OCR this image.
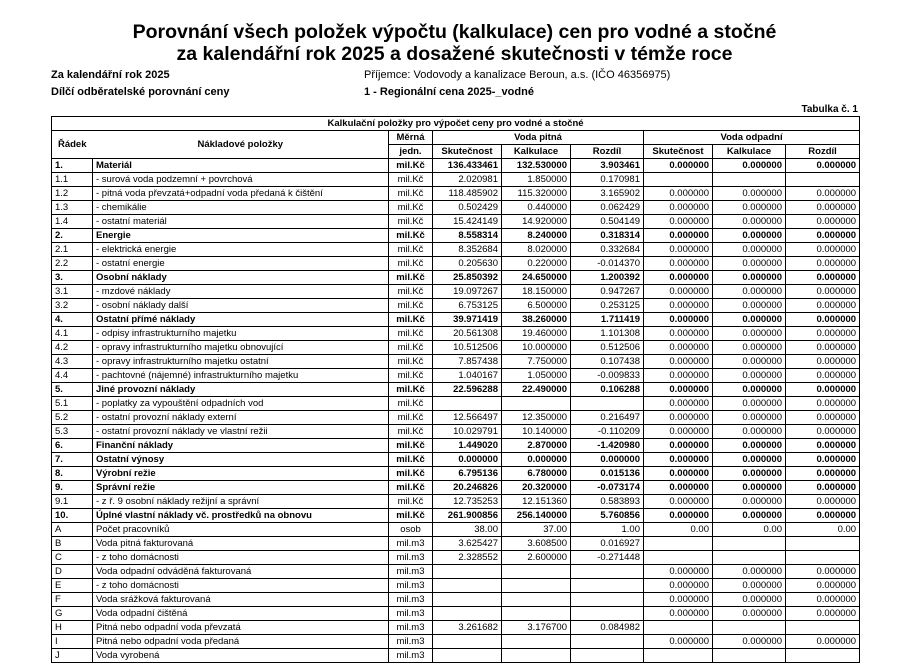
Porovnání všech položek výpočtu (kalkulace) cen pro vodné a stočné
za kalendářní rok 2025 a dosažené skutečnosti v témže roce
Za kalendářní rok 2025	Příjemce: Vodovody a kanalizace Beroun, a.s. (IČO 46356975)
Dílčí odběratelské porovnání ceny	1 - Regionální cena 2025-_vodné
Tabulka č. 1
Kalkulační položky pro výpočet ceny pro vodné a stočné								
Řádek	Nákladové položky	Měrná	Voda pitná			Voda odpadní		
		jedn.	Skutečnost	Kalkulace	Rozdíl	Skutečnost	Kalkulace	Rozdíl
1.	Materiál	mil.Kč	136.433461	132.530000	3.903461	0.000000	0.000000	0.000000
1.1	- surová voda podzemní + povrchová	mil.Kč	2.020981	1.850000	0.170981			
1.2	- pitná voda převzatá+odpadní voda předaná k čištění	mil.Kč	118.485902	115.320000	3.165902	0.000000	0.000000	0.000000
1.3	- chemikálie	mil.Kč	0.502429	0.440000	0.062429	0.000000	0.000000	0.000000
1.4	- ostatní materiál	mil.Kč	15.424149	14.920000	0.504149	0.000000	0.000000	0.000000
2.	Energie	mil.Kč	8.558314	8.240000	0.318314	0.000000	0.000000	0.000000
2.1	- elektrická energie	mil.Kč	8.352684	8.020000	0.332684	0.000000	0.000000	0.000000
2.2	- ostatní energie	mil.Kč	0.205630	0.220000	-0.014370	0.000000	0.000000	0.000000
3.	Osobní náklady	mil.Kč	25.850392	24.650000	1.200392	0.000000	0.000000	0.000000
3.1	- mzdové náklady	mil.Kč	19.097267	18.150000	0.947267	0.000000	0.000000	0.000000
3.2	- osobní náklady další	mil.Kč	6.753125	6.500000	0.253125	0.000000	0.000000	0.000000
4.	Ostatní přímé náklady	mil.Kč	39.971419	38.260000	1.711419	0.000000	0.000000	0.000000
4.1	- odpisy infrastrukturního majetku	mil.Kč	20.561308	19.460000	1.101308	0.000000	0.000000	0.000000
4.2	- opravy infrastrukturního majetku obnovující	mil.Kč	10.512506	10.000000	0.512506	0.000000	0.000000	0.000000
4.3	- opravy infrastrukturního majetku ostatní	mil.Kč	7.857438	7.750000	0.107438	0.000000	0.000000	0.000000
4.4	- pachtovné (nájemné) infrastrukturního majetku	mil.Kč	1.040167	1.050000	-0.009833	0.000000	0.000000	0.000000
5.	Jiné provozní náklady	mil.Kč	22.596288	22.490000	0.106288	0.000000	0.000000	0.000000
5.1	- poplatky za vypouštění odpadních vod	mil.Kč				0.000000	0.000000	0.000000
5.2	- ostatní provozní náklady externí	mil.Kč	12.566497	12.350000	0.216497	0.000000	0.000000	0.000000
5.3	- ostatní provozní náklady ve vlastní režii	mil.Kč	10.029791	10.140000	-0.110209	0.000000	0.000000	0.000000
6.	Finanční náklady	mil.Kč	1.449020	2.870000	-1.420980	0.000000	0.000000	0.000000
7.	Ostatní výnosy	mil.Kč	0.000000	0.000000	0.000000	0.000000	0.000000	0.000000
8.	Výrobní režie	mil.Kč	6.795136	6.780000	0.015136	0.000000	0.000000	0.000000
9.	Správní režie	mil.Kč	20.246826	20.320000	-0.073174	0.000000	0.000000	0.000000
9.1	- z ř. 9 osobní náklady režijní a správní	mil.Kč	12.735253	12.151360	0.583893	0.000000	0.000000	0.000000
10.	Úplné vlastní náklady vč. prostředků na obnovu	mil.Kč	261.900856	256.140000	5.760856	0.000000	0.000000	0.000000
A	Počet pracovníků	osob	38.00	37.00	1.00	0.00	0.00	0.00
B	Voda pitná fakturovaná	mil.m3	3.625427	3.608500	0.016927			
C	- z toho domácnosti	mil.m3	2.328552	2.600000	-0.271448			
D	Voda odpadní odváděná fakturovaná	mil.m3				0.000000	0.000000	0.000000
E	- z toho domácnosti	mil.m3				0.000000	0.000000	0.000000
F	Voda srážková fakturovaná	mil.m3				0.000000	0.000000	0.000000
G	Voda odpadní čištěná	mil.m3				0.000000	0.000000	0.000000
H	Pitná nebo odpadní voda převzatá	mil.m3	3.261682	3.176700	0.084982			
I	Pitná nebo odpadní voda předaná	mil.m3				0.000000	0.000000	0.000000
J	Voda vyrobená	mil.m3						
